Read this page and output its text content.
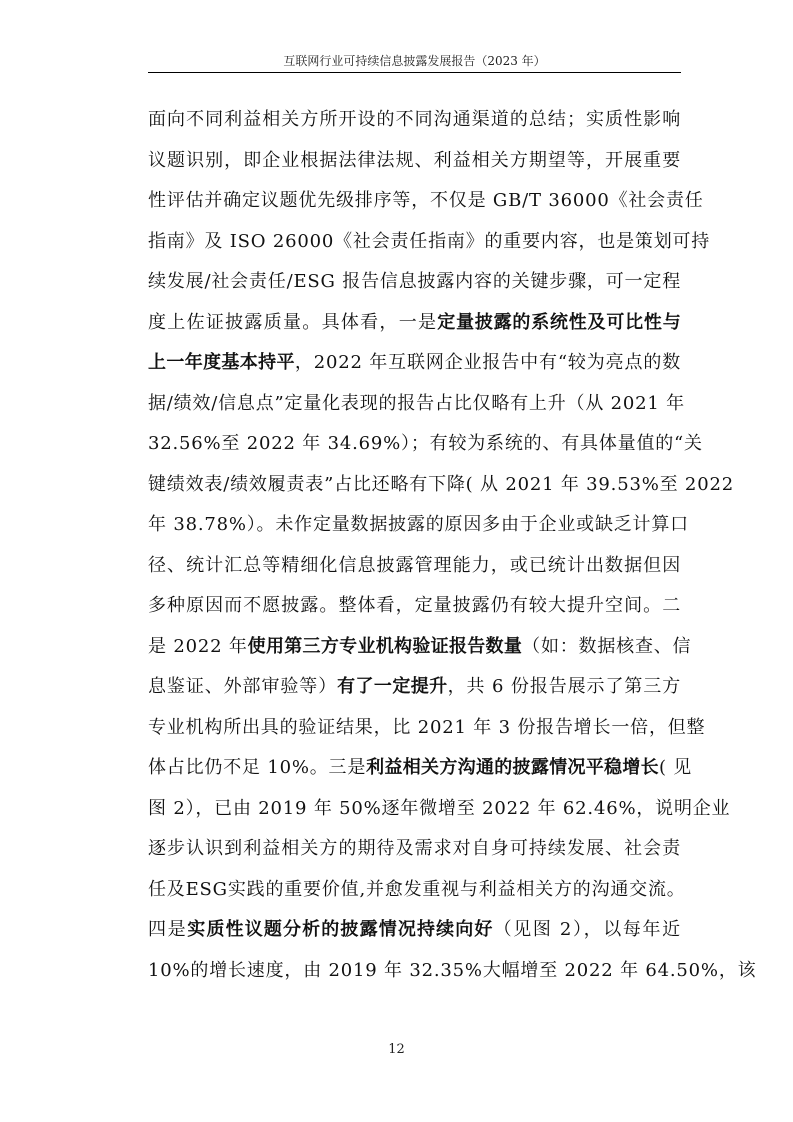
互联网行业可持续信息披露发展报告（2023 年）
面向不同利益相关方所开设的不同沟通渠道的总结；实质性影响
议题识别，即企业根据法律法规、利益相关方期望等，开展重要
性评估并确定议题优先级排序等，不仅是 GB/T 36000《社会责任
指南》及 ISO 26000《社会责任指南》的重要内容，也是策划可持
续发展/社会责任/ESG 报告信息披露内容的关键步骤，可一定程
度上佐证披露质量。具体看，一是定量披露的系统性及可比性与
上一年度基本持平，2022 年互联网企业报告中有“较为亮点的数
据/绩效/信息点”定量化表现的报告占比仅略有上升（从 2021 年
32.56%至 2022 年 34.69%）；有较为系统的、有具体量值的“关
键绩效表/绩效履责表”占比还略有下降( 从 2021 年 39.53%至 2022
年 38.78%）。未作定量数据披露的原因多由于企业或缺乏计算口
径、统计汇总等精细化信息披露管理能力，或已统计出数据但因
多种原因而不愿披露。整体看，定量披露仍有较大提升空间。二
是 2022 年使用第三方专业机构验证报告数量（如：数据核查、信
息鉴证、外部审验等）有了一定提升，共 6 份报告展示了第三方
专业机构所出具的验证结果，比 2021 年 3 份报告增长一倍，但整
体占比仍不足 10%。三是利益相关方沟通的披露情况平稳增长( 见
图 2），已由 2019 年 50%逐年微增至 2022 年 62.46%，说明企业
逐步认识到利益相关方的期待及需求对自身可持续发展、社会责
任及ESG实践的重要价值,并愈发重视与利益相关方的沟通交流。
四是实质性议题分析的披露情况持续向好（见图 2），以每年近
10%的增长速度，由 2019 年 32.35%大幅增至 2022 年 64.50%，该
12
